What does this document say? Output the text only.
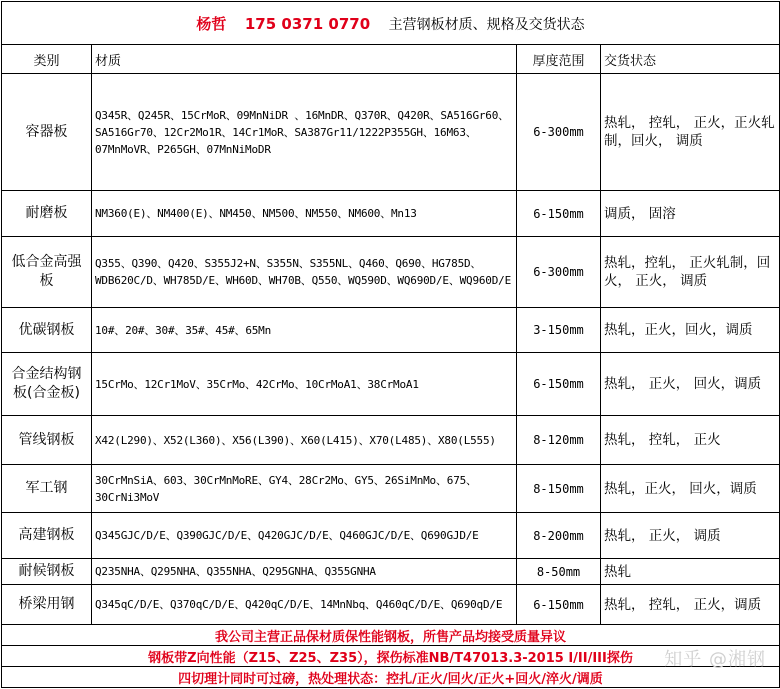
杨哲 175 0371 0770 主营钢板材质、规格及交货状态			
类别	材质	厚度范围	交货状态
容器板	Q345R、Q245R、15CrMoR、09MnNiDR 、16MnDR、Q370R、Q420R、SA516Gr60、SA516Gr70、12Cr2Mo1R、14Cr1MoR、SA387Gr11/1222P355GH、16M63、07MnMoVR、P265GH、07MnNiMoDR	6-300mm	热轧， 控轧， 正火，正火轧制，回火， 调质
耐磨板	NM360(E)、NM400(E)、NM450、NM500、NM550、NM600、Mn13	6-150mm	调质， 固溶
低合金高强板	Q355、Q390、Q420、S355J2+N、S355N、S355NL、Q460、Q690、HG785D、WDB620C/D、WH785D/E、WH60D、WH70B、Q550、WQ590D、WQ690D/E、WQ960D/E	6-300mm	热轧，控轧， 正火轧制，回火， 正火， 调质
优碳钢板	10#、20#、30#、35#、45#、65Mn	3-150mm	热轧，正火，回火，调质
合金结构钢板(合金板)	15CrMo、12Cr1MoV、35CrMo、42CrMo、10CrMoA1、38CrMoA1	6-150mm	热轧， 正火， 回火，调质
管线钢板	X42(L290)、X52(L360)、X56(L390)、X60(L415)、X70(L485)、X80(L555)	8-120mm	热轧， 控轧， 正火
军工钢	30CrMnSiA、603、30CrMnMoRE、GY4、28Cr2Mo、GY5、26SiMnMo、675、30CrNi3MoV	8-150mm	热轧，正火， 回火，调质
高建钢板	Q345GJC/D/E、Q390GJC/D/E、Q420GJC/D/E、Q460GJC/D/E、Q690GJD/E	8-200mm	热轧， 正火， 调质
耐候钢板	Q235NHA、Q295NHA、Q355NHA、Q295GNHA、Q355GNHA	8-50mm	热轧
桥梁用钢	Q345qC/D/E、Q370qC/D/E、Q420qC/D/E、14MnNbq、Q460qC/D/E、Q690qD/E	6-150mm	热轧， 控轧， 正火，调质
我公司主营正品保材质保性能钢板，所售产品均接受质量异议			
钢板带Z向性能（Z15、Z25、Z35），探伤标准NB/T47013.3-2015 I/II/III探伤			
四切理计同时可过磅，热处理状态：控扎/正火/回火/正火+回火/淬火/调质			
知乎 @湘钢
